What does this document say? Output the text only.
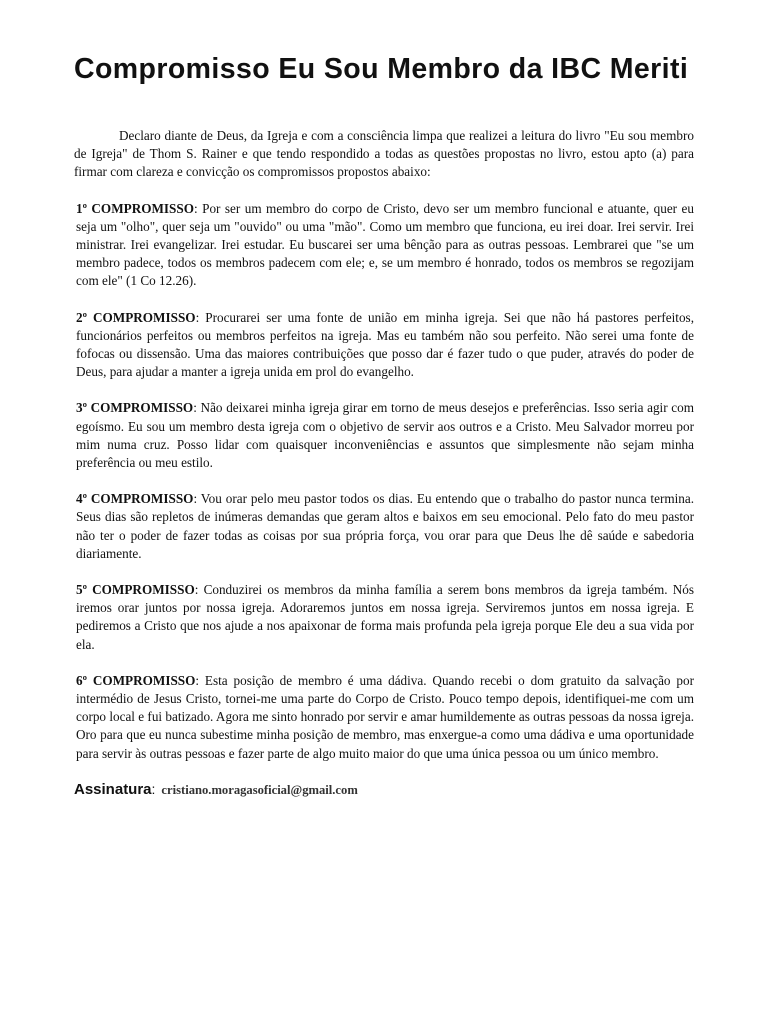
Compromisso Eu Sou Membro da IBC Meriti

Declaro diante de Deus, da Igreja e com a consciência limpa que realizei a leitura do livro "Eu sou membro de Igreja" de Thom S. Rainer e que tendo respondido a todas as questões propostas no livro, estou apto (a) para firmar com clareza e convicção os compromissos propostos abaixo:

1º COMPROMISSO: Por ser um membro do corpo de Cristo, devo ser um membro funcional e atuante, quer eu seja um "olho", quer seja um "ouvido" ou uma "mão". Como um membro que funciona, eu irei doar. Irei servir. Irei ministrar. Irei evangelizar. Irei estudar. Eu buscarei ser uma bênção para as outras pessoas. Lembrarei que "se um membro padece, todos os membros padecem com ele; e, se um membro é honrado, todos os membros se regozijam com ele" (1 Co 12.26).

2º COMPROMISSO: Procurarei ser uma fonte de união em minha igreja. Sei que não há pastores perfeitos, funcionários perfeitos ou membros perfeitos na igreja. Mas eu também não sou perfeito. Não serei uma fonte de fofocas ou dissensão. Uma das maiores contribuições que posso dar é fazer tudo o que puder, através do poder de Deus, para ajudar a manter a igreja unida em prol do evangelho.

3º COMPROMISSO: Não deixarei minha igreja girar em torno de meus desejos e preferências. Isso seria agir com egoísmo. Eu sou um membro desta igreja com o objetivo de servir aos outros e a Cristo. Meu Salvador morreu por mim numa cruz. Posso lidar com quaisquer inconveniências e assuntos que simplesmente não sejam minha preferência ou meu estilo.

4º COMPROMISSO: Vou orar pelo meu pastor todos os dias. Eu entendo que o trabalho do pastor nunca termina. Seus dias são repletos de inúmeras demandas que geram altos e baixos em seu emocional. Pelo fato do meu pastor não ter o poder de fazer todas as coisas por sua própria força, vou orar para que Deus lhe dê saúde e sabedoria diariamente.

5º COMPROMISSO: Conduzirei os membros da minha família a serem bons membros da igreja também. Nós iremos orar juntos por nossa igreja. Adoraremos juntos em nossa igreja. Serviremos juntos em nossa igreja. E pediremos a Cristo que nos ajude a nos apaixonar de forma mais profunda pela igreja porque Ele deu a sua vida por ela.

6º COMPROMISSO: Esta posição de membro é uma dádiva. Quando recebi o dom gratuito da salvação por intermédio de Jesus Cristo, tornei-me uma parte do Corpo de Cristo. Pouco tempo depois, identifiquei-me com um corpo local e fui batizado. Agora me sinto honrado por servir e amar humildemente as outras pessoas da nossa igreja. Oro para que eu nunca subestime minha posição de membro, mas enxergue-a como uma dádiva e uma oportunidade para servir às outras pessoas e fazer parte de algo muito maior do que uma única pessoa ou um único membro.

Assinatura: cristiano.moragasoficial@gmail.com
